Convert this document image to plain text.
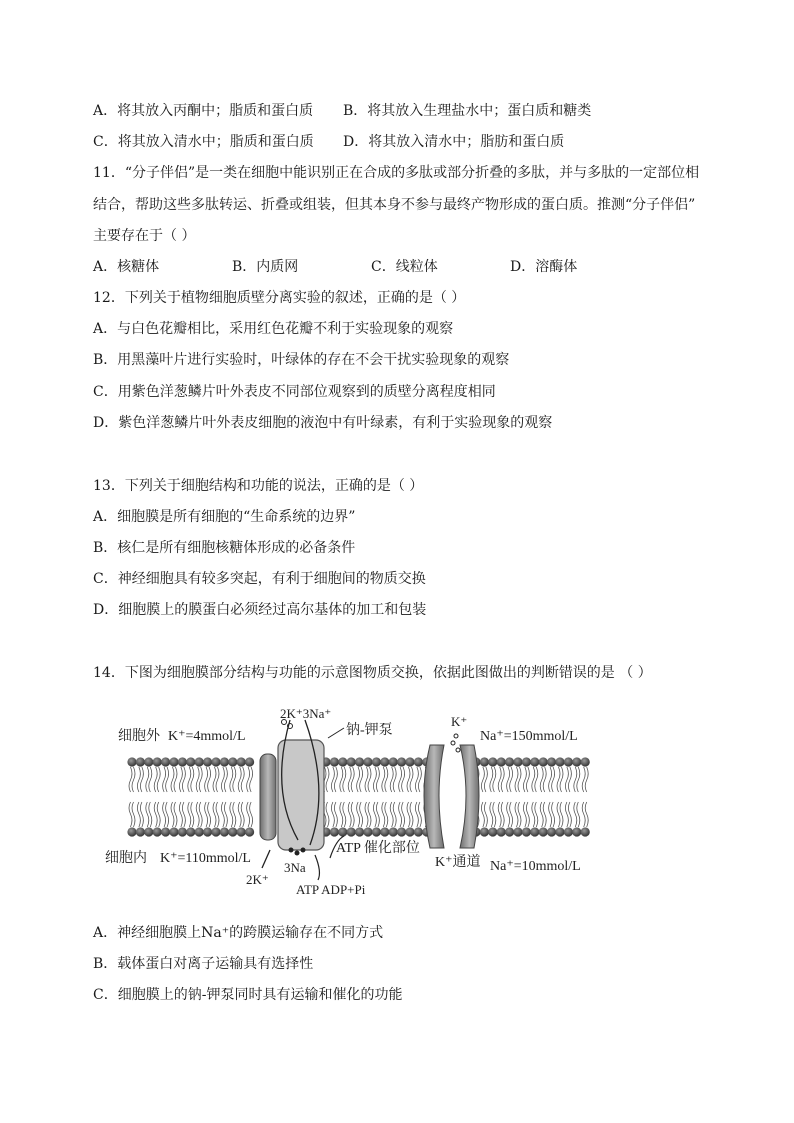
A．将其放入丙酮中；脂质和蛋白质 B．将其放入生理盐水中；蛋白质和糖类
C．将其放入清水中；脂质和蛋白质 D．将其放入清水中；脂肪和蛋白质
11．“分子伴侣”是一类在细胞中能识别正在合成的多肽或部分折叠的多肽，并与多肽的一定部位相
结合，帮助这些多肽转运、折叠或组装，但其本身不参与最终产物形成的蛋白质。推测“分子伴侣”
主要存在于（ ）
A．核糖体	B．内质网	C．线粒体	D．溶酶体
12．下列关于植物细胞质壁分离实验的叙述，正确的是（ ）
A．与白色花瓣相比，采用红色花瓣不利于实验现象的观察
B．用黑藻叶片进行实验时，叶绿体的存在不会干扰实验现象的观察
C．用紫色洋葱鳞片叶外表皮不同部位观察到的质壁分离程度相同
D．紫色洋葱鳞片叶外表皮细胞的液泡中有叶绿素，有利于实验现象的观察
13．下列关于细胞结构和功能的说法，正确的是（ ）
A．细胞膜是所有细胞的“生命系统的边界”
B．核仁是所有细胞核糖体形成的必备条件
C．神经细胞具有较多突起，有利于细胞间的物质交换
D．细胞膜上的膜蛋白必须经过高尔基体的加工和包装
14．下图为细胞膜部分结构与功能的示意图物质交换，依据此图做出的判断错误的是 （ ）
细胞外 K⁺=4mmol/L
2K⁺3Na⁺
钠-钾泵
K⁺
Na⁺=150mmol/L
细胞内 K⁺=110mmol/L
ATP 催化部位
K⁺通道 Na⁺=10mmol/L
2K⁺
3Na
ATP ADP+Pi
A．神经细胞膜上Na⁺的跨膜运输存在不同方式
B．载体蛋白对离子运输具有选择性
C．细胞膜上的钠-钾泵同时具有运输和催化的功能
